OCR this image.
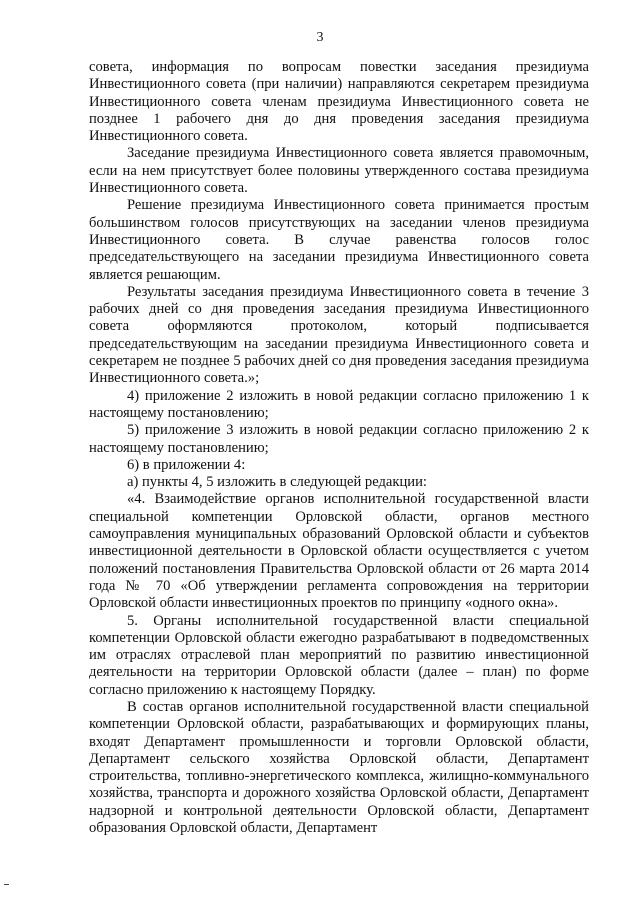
3

совета, информация по вопросам повестки заседания президиума Инвестиционного совета (при наличии) направляются секретарем президиума Инвестиционного совета членам президиума Инвестиционного совета не позднее 1 рабочего дня до дня проведения заседания президиума Инвестиционного совета.

Заседание президиума Инвестиционного совета является правомочным, если на нем присутствует более половины утвержденного состава президиума Инвестиционного совета.

Решение президиума Инвестиционного совета принимается простым большинством голосов присутствующих на заседании членов президиума Инвестиционного совета. В случае равенства голосов голос председательствующего на заседании президиума Инвестиционного совета является решающим.

Результаты заседания президиума Инвестиционного совета в течение 3 рабочих дней со дня проведения заседания президиума Инвестиционного совета оформляются протоколом, который подписывается председательствующим на заседании президиума Инвестиционного совета и секретарем не позднее 5 рабочих дней со дня проведения заседания президиума Инвестиционного совета.»;

4) приложение 2 изложить в новой редакции согласно приложению 1 к настоящему постановлению;

5) приложение 3 изложить в новой редакции согласно приложению 2 к настоящему постановлению;

6) в приложении 4:

а) пункты 4, 5 изложить в следующей редакции:

«4. Взаимодействие органов исполнительной государственной власти специальной компетенции Орловской области, органов местного самоуправления муниципальных образований Орловской области и субъектов инвестиционной деятельности в Орловской области осуществляется с учетом положений постановления Правительства Орловской области от 26 марта 2014 года № 70 «Об утверждении регламента сопровождения на территории Орловской области инвестиционных проектов по принципу «одного окна».

5. Органы исполнительной государственной власти специальной компетенции Орловской области ежегодно разрабатывают в подведомственных им отраслях отраслевой план мероприятий по развитию инвестиционной деятельности на территории Орловской области (далее – план) по форме согласно приложению к настоящему Порядку.

В состав органов исполнительной государственной власти специальной компетенции Орловской области, разрабатывающих и формирующих планы, входят Департамент промышленности и торговли Орловской области, Департамент сельского хозяйства Орловской области, Департамент строительства, топливно-энергетического комплекса, жилищно-коммунального хозяйства, транспорта и дорожного хозяйства Орловской области, Департамент надзорной и контрольной деятельности Орловской области, Департамент образования Орловской области, Департамент
